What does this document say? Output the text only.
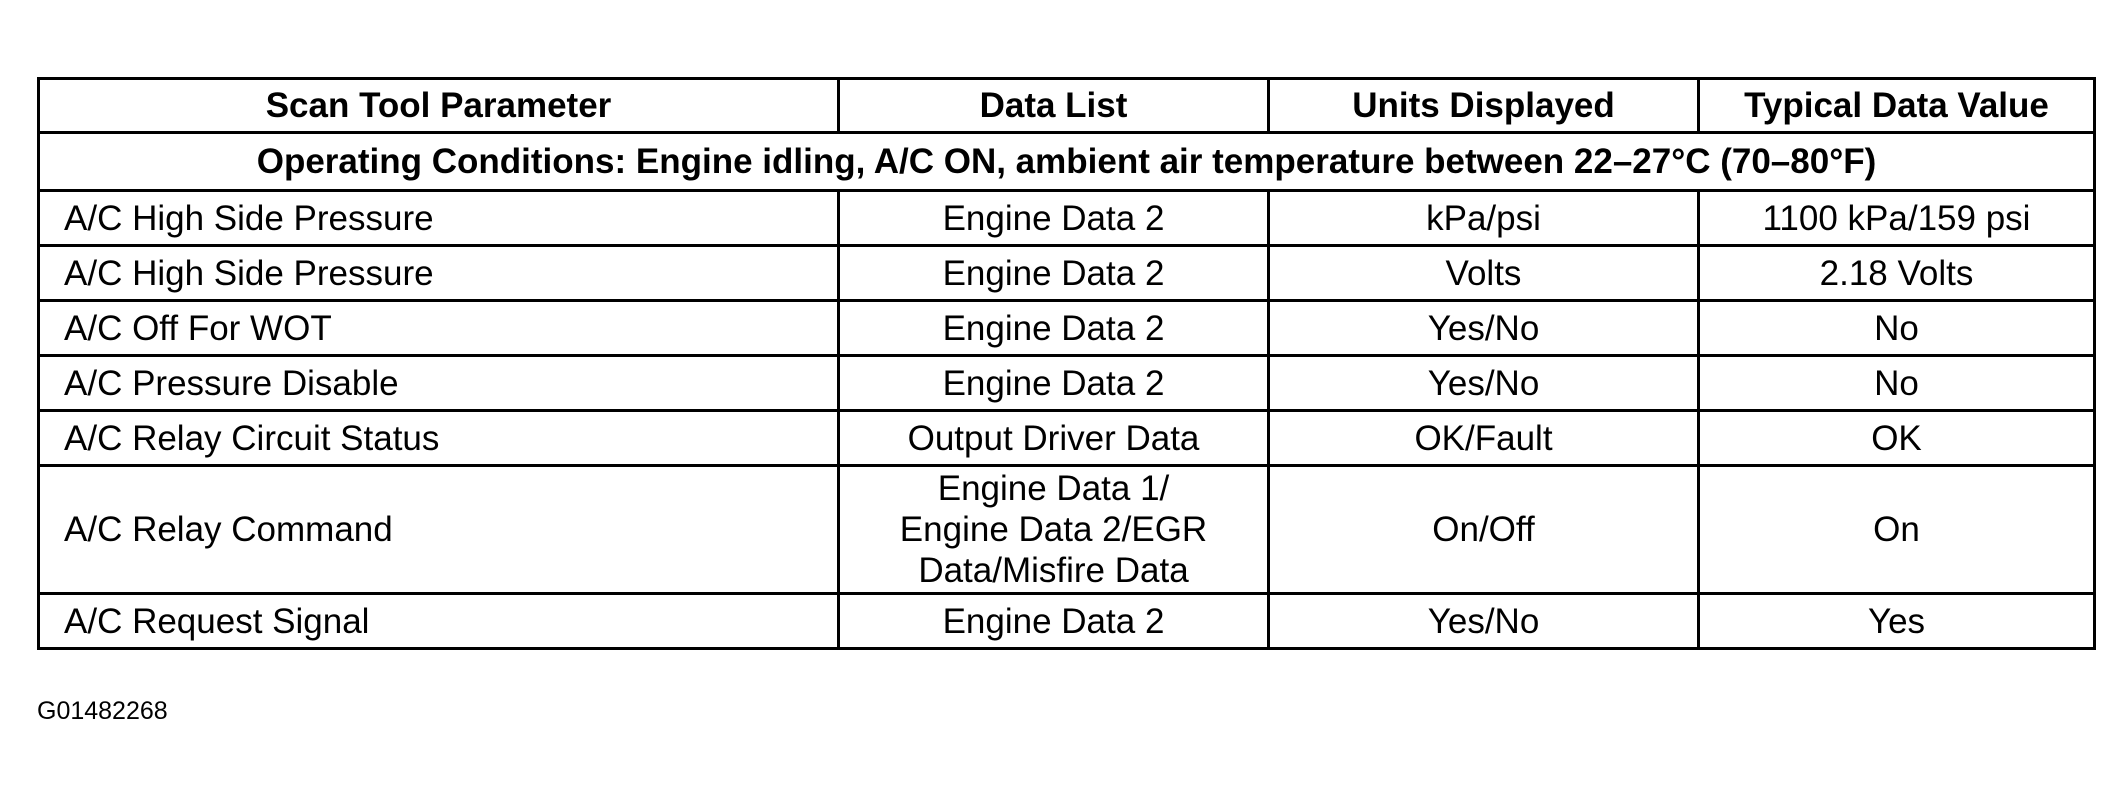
Scan Tool Parameter	Data List	Units Displayed	Typical Data Value
Operating Conditions: Engine idling, A/C ON, ambient air temperature between 22–27°C (70–80°F)			
A/C High Side Pressure	Engine Data 2	kPa/psi	1100 kPa/159 psi
A/C High Side Pressure	Engine Data 2	Volts	2.18 Volts
A/C Off For WOT	Engine Data 2	Yes/No	No
A/C Pressure Disable	Engine Data 2	Yes/No	No
A/C Relay Circuit Status	Output Driver Data	OK/Fault	OK
A/C Relay Command	Engine Data 1/
Engine Data 2/EGR
Data/Misfire Data	On/Off	On
A/C Request Signal	Engine Data 2	Yes/No	Yes
G01482268
